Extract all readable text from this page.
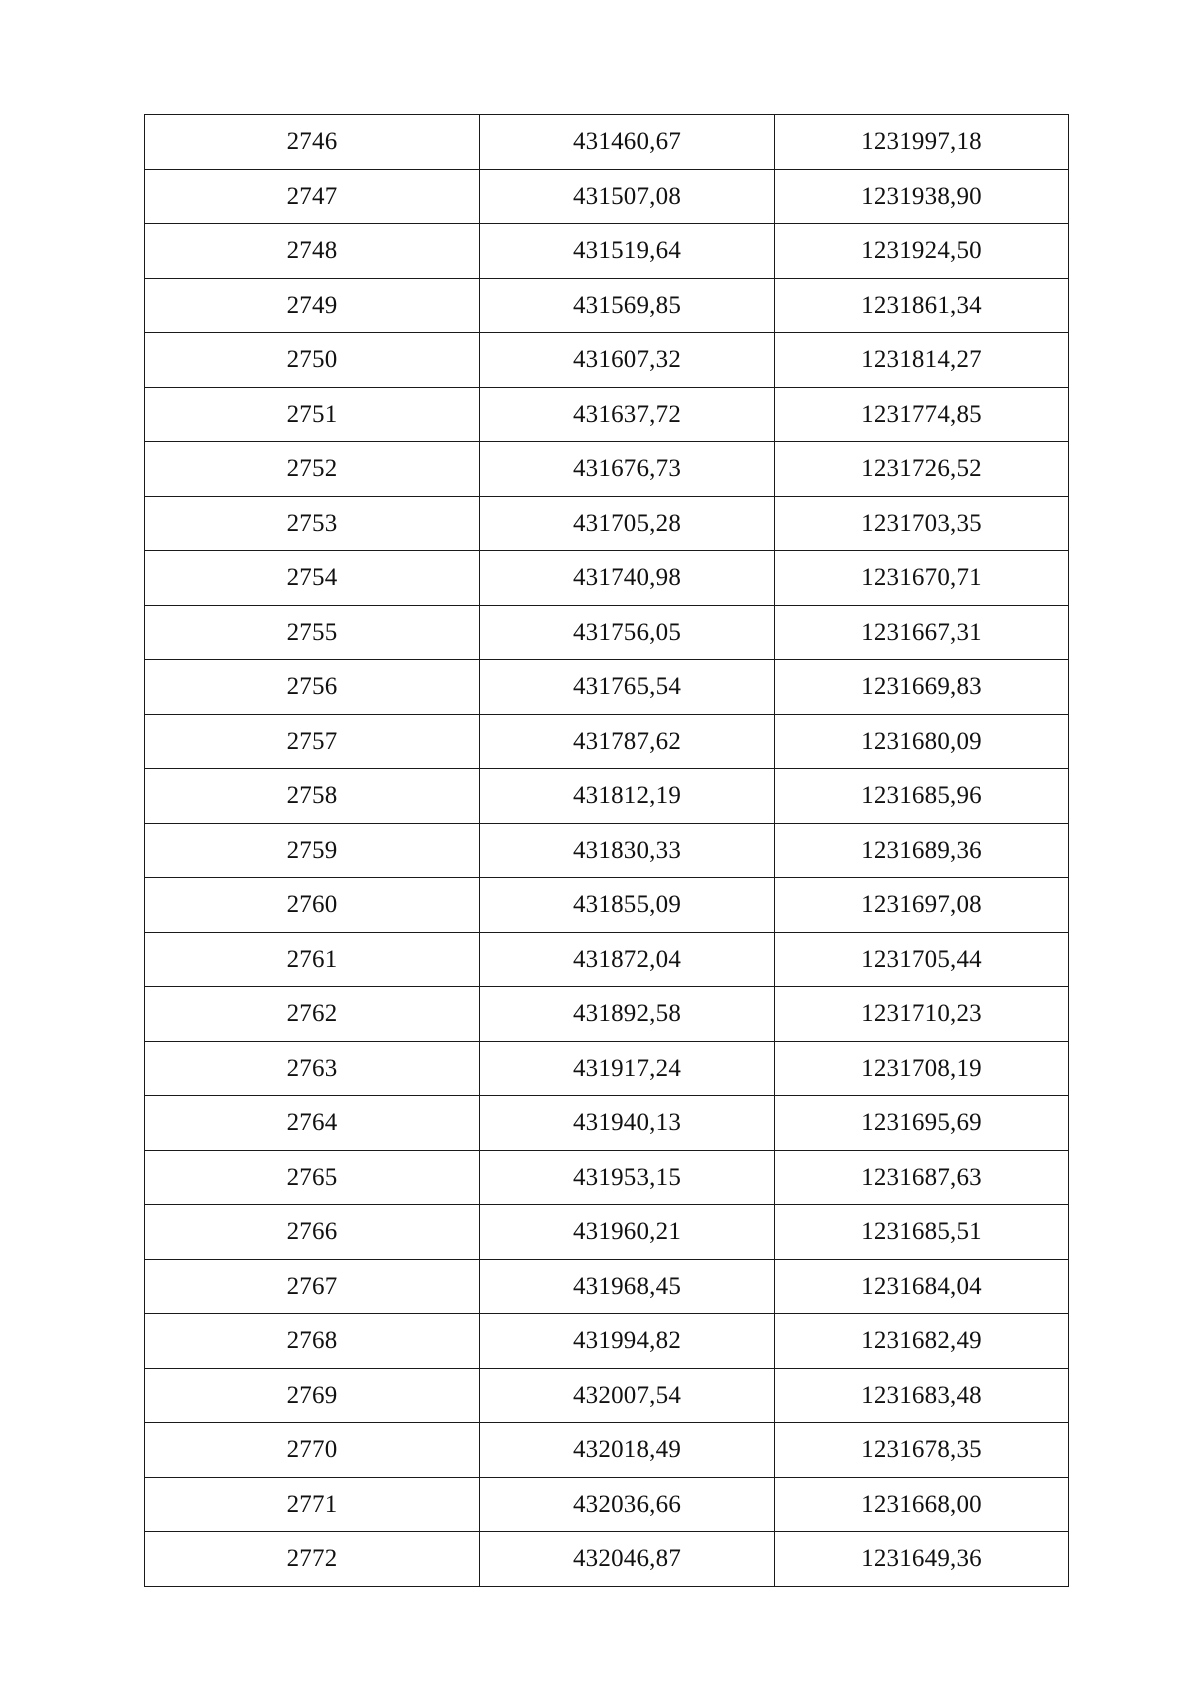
2746	431460,67	1231997,18
2747	431507,08	1231938,90
2748	431519,64	1231924,50
2749	431569,85	1231861,34
2750	431607,32	1231814,27
2751	431637,72	1231774,85
2752	431676,73	1231726,52
2753	431705,28	1231703,35
2754	431740,98	1231670,71
2755	431756,05	1231667,31
2756	431765,54	1231669,83
2757	431787,62	1231680,09
2758	431812,19	1231685,96
2759	431830,33	1231689,36
2760	431855,09	1231697,08
2761	431872,04	1231705,44
2762	431892,58	1231710,23
2763	431917,24	1231708,19
2764	431940,13	1231695,69
2765	431953,15	1231687,63
2766	431960,21	1231685,51
2767	431968,45	1231684,04
2768	431994,82	1231682,49
2769	432007,54	1231683,48
2770	432018,49	1231678,35
2771	432036,66	1231668,00
2772	432046,87	1231649,36
